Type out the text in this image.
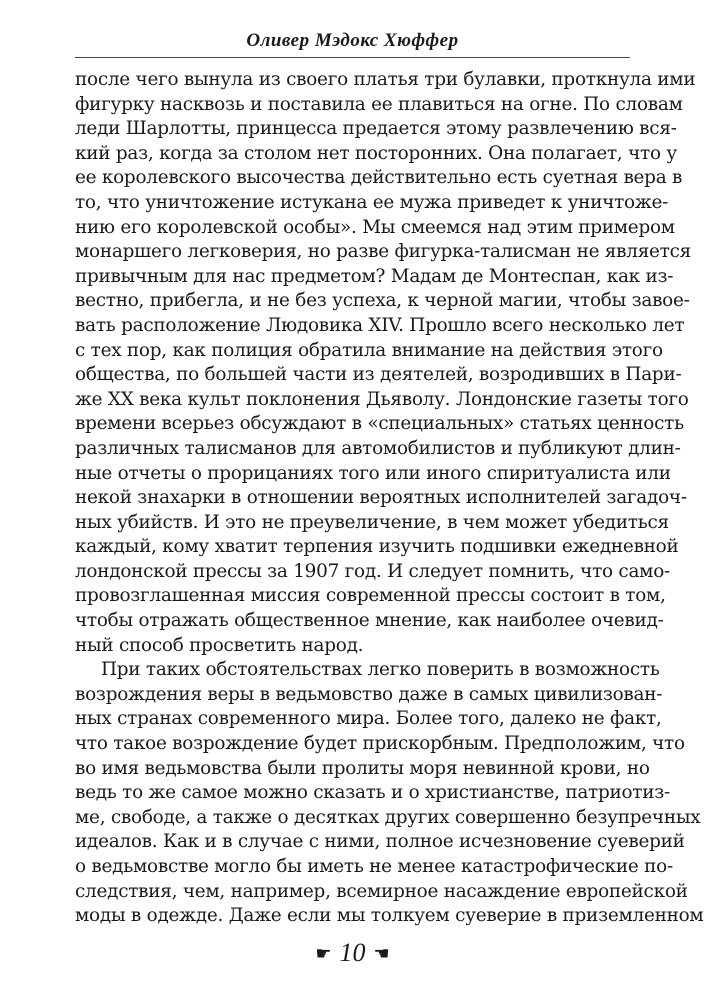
Оливер Мэдокс Хюффер
после чего вынула из своего платья три булавки, проткнула ими
фигурку насквозь и поставила ее плавиться на огне. По словам
леди Шарлотты, принцесса предается этому развлечению вся-
кий раз, когда за столом нет посторонних. Она полагает, что у
ее королевского высочества действительно есть суетная вера в
то, что уничтожение истукана ее мужа приведет к уничтоже-
нию его королевской особы». Мы смеемся над этим примером
монаршего легковерия, но разве фигурка-талисман не является
привычным для нас предметом? Мадам де Монтеспан, как из-
вестно, прибегла, и не без успеха, к черной магии, чтобы завое-
вать расположение Людовика XIV. Прошло всего несколько лет
с тех пор, как полиция обратила внимание на действия этого
общества, по большей части из деятелей, возродивших в Пари-
же XX века культ поклонения Дьяволу. Лондонские газеты того
времени всерьез обсуждают в «специальных» статьях ценность
различных талисманов для автомобилистов и публикуют длин-
ные отчеты о прорицаниях того или иного спиритуалиста или
некой знахарки в отношении вероятных исполнителей загадоч-
ных убийств. И это не преувеличение, в чем может убедиться
каждый, кому хватит терпения изучить подшивки ежедневной
лондонской прессы за 1907 год. И следует помнить, что само-
провозглашенная миссия современной прессы состоит в том,
чтобы отражать общественное мнение, как наиболее очевид-
ный способ просветить народ.
При таких обстоятельствах легко поверить в возможность
возрождения веры в ведьмовство даже в самых цивилизован-
ных странах современного мира. Более того, далеко не факт,
что такое возрождение будет прискорбным. Предположим, что
во имя ведьмовства были пролиты моря невинной крови, но
ведь то же самое можно сказать и о христианстве, патриотиз-
ме, свободе, а также о десятках других совершенно безупречных
идеалов. Как и в случае с ними, полное исчезновение суеверий
о ведьмовстве могло бы иметь не менее катастрофические по-
следствия, чем, например, всемирное насаждение европейской
моды в одежде. Даже если мы толкуем суеверие в приземленном
☛ 10 ☚
